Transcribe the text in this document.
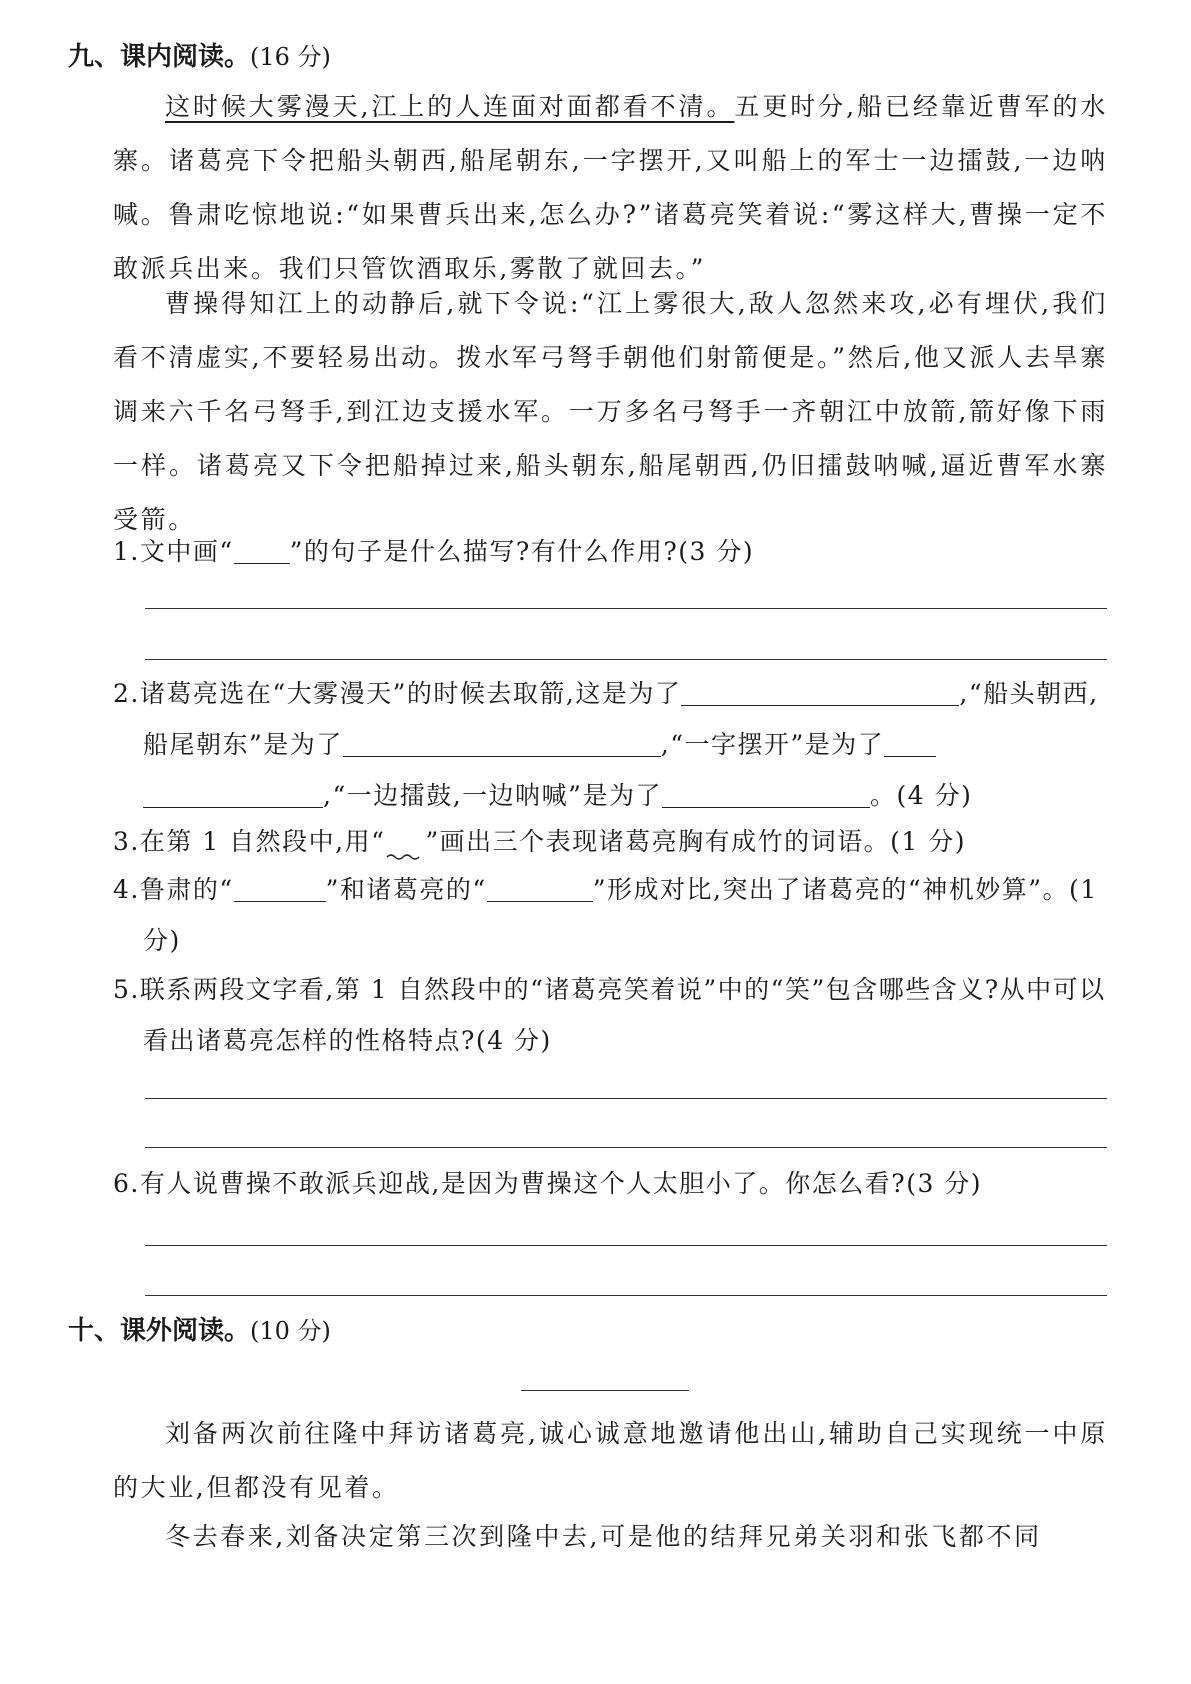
九、课内阅读。(16 分)

这时候大雾漫天,江上的人连面对面都看不清。五更时分,船已经靠近曹军的水寨。诸葛亮下令把船头朝西,船尾朝东,一字摆开,又叫船上的军士一边擂鼓,一边呐喊。鲁肃吃惊地说:“如果曹兵出来,怎么办?”诸葛亮笑着说:“雾这样大,曹操一定不敢派兵出来。我们只管饮酒取乐,雾散了就回去。”

曹操得知江上的动静后,就下令说:“江上雾很大,敌人忽然来攻,必有埋伏,我们看不清虚实,不要轻易出动。拨水军弓弩手朝他们射箭便是。”然后,他又派人去旱寨调来六千名弓弩手,到江边支援水军。一万多名弓弩手一齐朝江中放箭,箭好像下雨一样。诸葛亮又下令把船掉过来,船头朝东,船尾朝西,仍旧擂鼓呐喊,逼近曹军水寨受箭。

1.文中画“ ”的句子是什么描写?有什么作用?(3 分)
2.诸葛亮选在“大雾漫天”的时候去取箭,这是为了	,“船头朝西,船尾朝东”是为了	,“一字摆开”是为了
,“一边擂鼓,一边呐喊”是为了	。(4 分)
3.在第 1 自然段中,用“ ”画出三个表现诸葛亮胸有成竹的词语。(1 分)
4.鲁肃的“	”和诸葛亮的“	”形成对比,突出了诸葛亮的“神机妙算”。(1 分)
5.联系两段文字看,第 1 自然段中的“诸葛亮笑着说”中的“笑”包含哪些含义?从中可以看出诸葛亮怎样的性格特点?(4 分)
6.有人说曹操不敢派兵迎战,是因为曹操这个人太胆小了。你怎么看?(3 分)
十、课外阅读。(10 分)

刘备两次前往隆中拜访诸葛亮,诚心诚意地邀请他出山,辅助自己实现统一中原的大业,但都没有见着。

冬去春来,刘备决定第三次到隆中去,可是他的结拜兄弟关羽和张飞都不同
